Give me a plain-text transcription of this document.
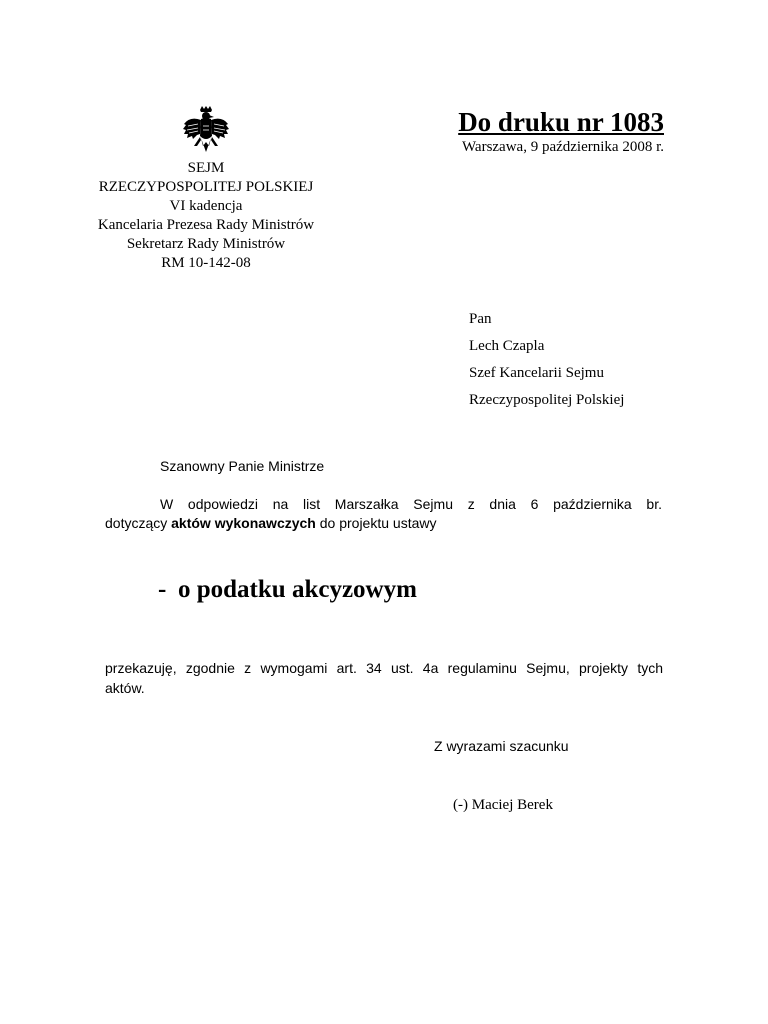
SEJM
RZECZYPOSPOLITEJ POLSKIEJ
VI kadencja
Kancelaria Prezesa Rady Ministrów
Sekretarz Rady Ministrów
RM 10-142-08
Do druku nr 1083
Warszawa, 9 października 2008 r.
Pan
Lech Czapla
Szef Kancelarii Sejmu
Rzeczypospolitej Polskiej
Szanowny Panie Ministrze
W odpowiedzi na list Marszałka Sejmu z dnia 6 października br.
dotyczący aktów wykonawczych do projektu ustawy
- o podatku akcyzowym
przekazuję, zgodnie z wymogami art. 34 ust. 4a regulaminu Sejmu, projekty tych
aktów.
Z wyrazami szacunku
(-) Maciej Berek
